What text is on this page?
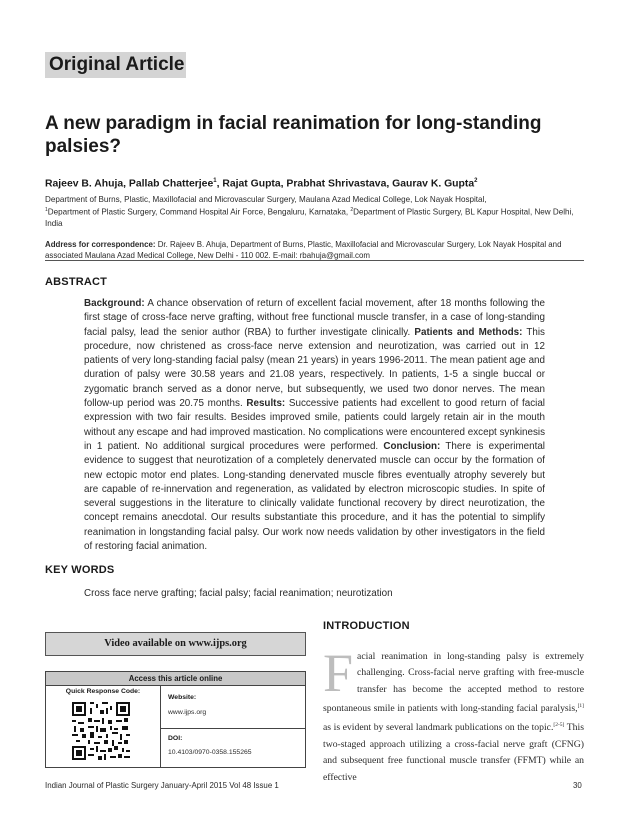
Original Article
A new paradigm in facial reanimation for long-standing palsies?
Rajeev B. Ahuja, Pallab Chatterjee$^1$, Rajat Gupta, Prabhat Shrivastava, Gaurav K. Gupta$^2$
Department of Burns, Plastic, Maxillofacial and Microvascular Surgery, Maulana Azad Medical College, Lok Nayak Hospital,
$^1$Department of Plastic Surgery, Command Hospital Air Force, Bengaluru, Karnataka, $^2$Department of Plastic Surgery, BL Kapur Hospital, New Delhi, India
Address for correspondence: Dr. Rajeev B. Ahuja, Department of Burns, Plastic, Maxillofacial and Microvascular Surgery, Lok Nayak Hospital and associated Maulana Azad Medical College, New Delhi - 110 002. E-mail: rbahuja@gmail.com
ABSTRACT
Background: A chance observation of return of excellent facial movement, after 18 months following the first stage of cross-face nerve grafting, without free functional muscle transfer, in a case of long-standing facial palsy, lead the senior author (RBA) to further investigate clinically. Patients and Methods: This procedure, now christened as cross-face nerve extension and neurotization, was carried out in 12 patients of very long-standing facial palsy (mean 21 years) in years 1996-2011. The mean patient age and duration of palsy were 30.58 years and 21.08 years, respectively. In patients, 1-5 a single buccal or zygomatic branch served as a donor nerve, but subsequently, we used two donor nerves. The mean follow-up period was 20.75 months. Results: Successive patients had excellent to good return of facial expression with two fair results. Besides improved smile, patients could largely retain air in the mouth without any escape and had improved mastication. No complications were encountered except synkinesis in 1 patient. No additional surgical procedures were performed. Conclusion: There is experimental evidence to suggest that neurotization of a completely denervated muscle can occur by the formation of new ectopic motor end plates. Long-standing denervated muscle fibres eventually atrophy severely but are capable of re-innervation and regeneration, as validated by electron microscopic studies. In spite of several suggestions in the literature to clinically validate functional recovery by direct neurotization, the concept remains anecdotal. Our results substantiate this procedure, and it has the potential to simplify reanimation in longstanding facial palsy. Our work now needs validation by other investigators in the field of restoring facial animation.
KEY WORDS
Cross face nerve grafting; facial palsy; facial reanimation; neurotization
Video available on www.ijps.org
Access this article online
Quick Response Code:
Website:
www.ijps.org
DOI:
10.4103/0970-0358.155265
INTRODUCTION
Facial reanimation in long-standing palsy is extremely challenging. Cross-facial nerve grafting with free-muscle transfer has become the accepted method to restore spontaneous smile in patients with long-standing facial paralysis,[1] as is evident by several landmark publications on the topic.[2-5] This two-staged approach utilizing a cross-facial nerve graft (CFNG) and subsequent free functional muscle transfer (FFMT) while an effective
Indian Journal of Plastic Surgery January-April 2015 Vol 48 Issue 1	30
